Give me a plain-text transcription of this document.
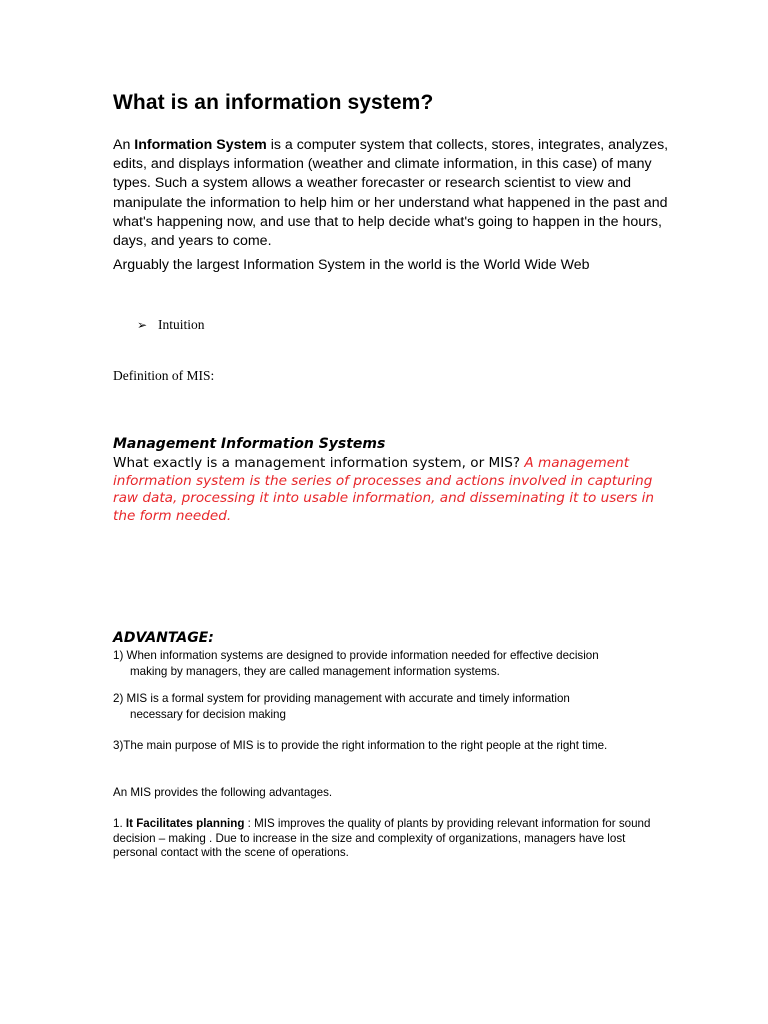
What is an information system?
An Information System is a computer system that collects, stores, integrates, analyzes, edits, and displays information (weather and climate information, in this case) of many types. Such a system allows a weather forecaster or research scientist to view and manipulate the information to help him or her understand what happened in the past and what's happening now, and use that to help decide what's going to happen in the hours, days, and years to come.
Arguably the largest Information System in the world is the World Wide Web
➢ Intuition
Definition of MIS:
Management Information Systems
What exactly is a management information system, or MIS? A management information system is the series of processes and actions involved in capturing raw data, processing it into usable information, and disseminating it to users in the form needed.
ADVANTAGE:
1) When information systems are designed to provide information needed for effective decision
making by managers, they are called management information systems.
2) MIS is a formal system for providing management with accurate and timely information
necessary for decision making
3)The main purpose of MIS is to provide the right information to the right people at the right time.
An MIS provides the following advantages.
1. It Facilitates planning : MIS improves the quality of plants by providing relevant information for sound decision – making . Due to increase in the size and complexity of organizations, managers have lost personal contact with the scene of operations.
